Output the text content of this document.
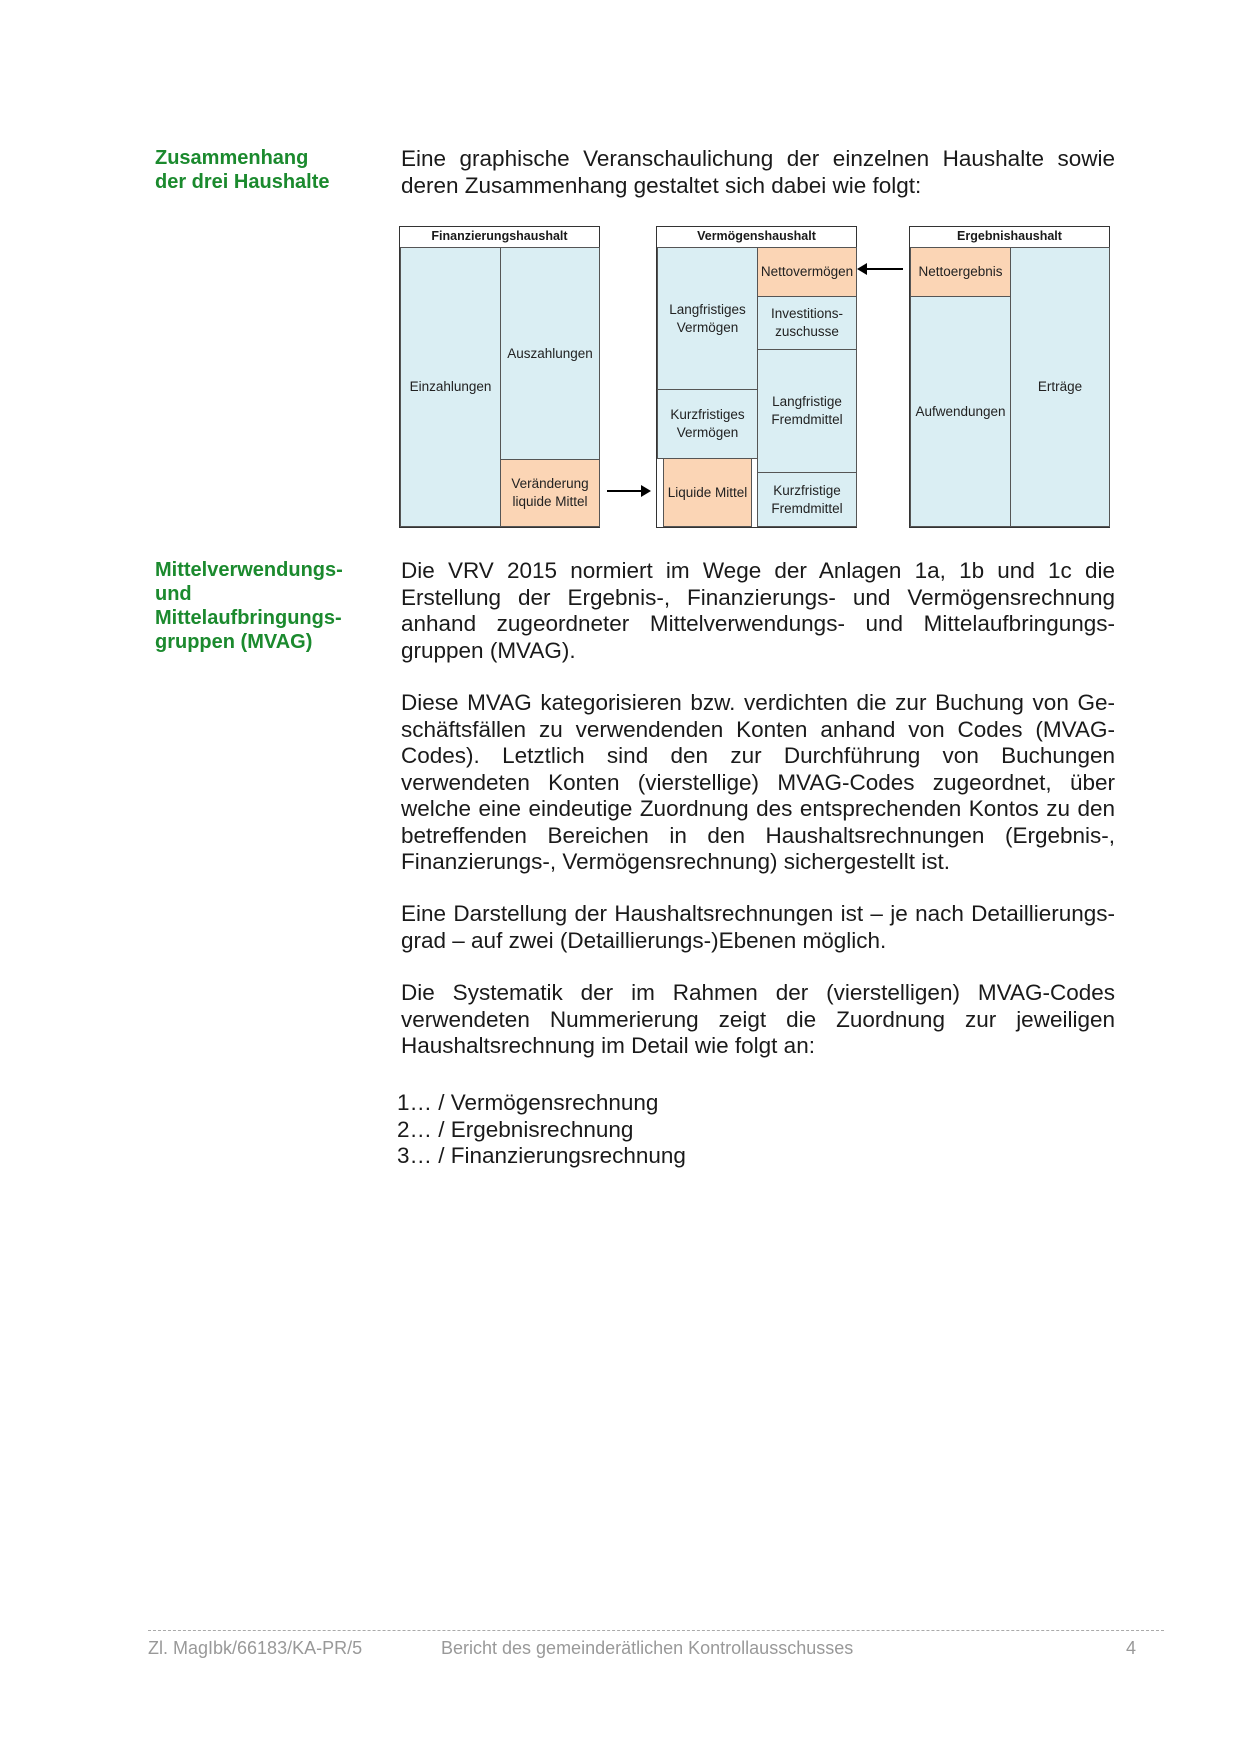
Zusammenhang
der drei Haushalte

Eine graphische Veranschaulichung der einzelnen Haushalte sowie deren Zusammenhang gestaltet sich dabei wie folgt:

Finanzierungshaushalt
Einzahlungen
Auszahlungen
Veränderung
liquide Mittel
Vermögenshaushalt
Langfristiges
Vermögen
Kurzfristiges
Vermögen
Liquide Mittel
Nettovermögen
Investitions-
zuschusse
Langfristige
Fremdmittel
Kurzfristige
Fremdmittel
Ergebnishaushalt
Nettoergebnis
Aufwendungen
Erträge
Mittelverwendungs-
und Mittelaufbringungs-
gruppen (MVAG)

Die VRV 2015 normiert im Wege der Anlagen 1a, 1b und 1c die Erstellung der Ergebnis-, Finanzierungs- und Vermögensrechnung anhand zugeordneter Mittelverwendungs- und Mittelaufbringungs-gruppen (MVAG).

Diese MVAG kategorisieren bzw. verdichten die zur Buchung von Ge-schäftsfällen zu verwendenden Konten anhand von Codes (MVAG-Codes). Letztlich sind den zur Durchführung von Buchungen verwendeten Konten (vierstellige) MVAG-Codes zugeordnet, über welche eine eindeutige Zuordnung des entsprechenden Kontos zu den betreffenden Bereichen in den Haushaltsrechnungen (Ergebnis-, Finanzierungs-, Vermögensrechnung) sichergestellt ist.

Eine Darstellung der Haushaltsrechnungen ist – je nach Detaillierungs-grad – auf zwei (Detaillierungs-)Ebenen möglich.

Die Systematik der im Rahmen der (vierstelligen) MVAG-Codes verwendeten Nummerierung zeigt die Zuordnung zur jeweiligen Haushaltsrechnung im Detail wie folgt an:

1… / Vermögensrechnung
2… / Ergebnisrechnung
3… / Finanzierungsrechnung

Zl. MagIbk/66183/KA-PR/5	Bericht des gemeinderätlichen Kontrollausschusses	4
